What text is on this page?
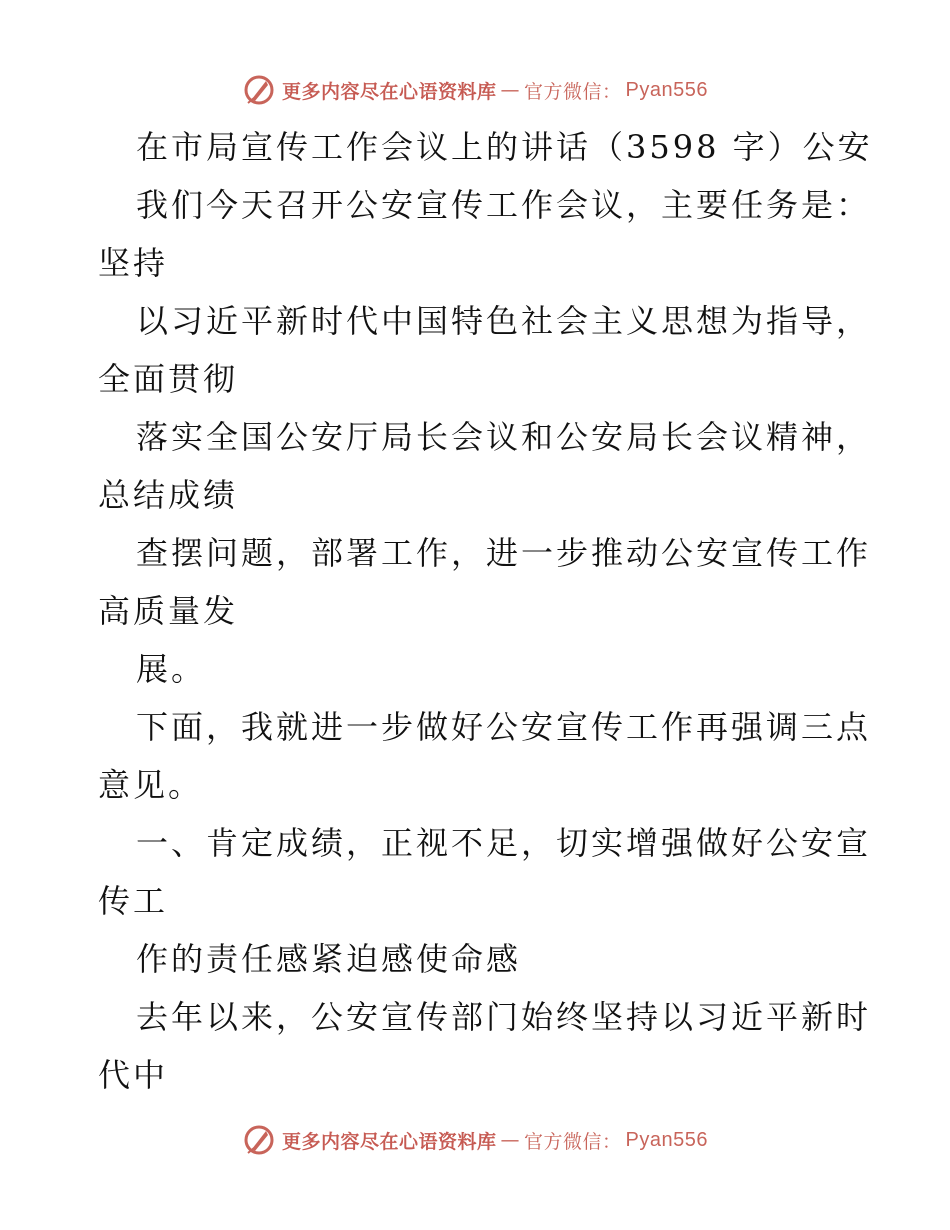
更多内容尽在心语资料库 — 官方微信： Pyan556
在市局宣传工作会议上的讲话（3598 字）公安
我们今天召开公安宣传工作会议，主要任务是：
坚持
以习近平新时代中国特色社会主义思想为指导，
全面贯彻
落实全国公安厅局长会议和公安局长会议精神，
总结成绩
查摆问题，部署工作，进一步推动公安宣传工作
高质量发
展。
下面，我就进一步做好公安宣传工作再强调三点
意见。
一、肯定成绩，正视不足，切实增强做好公安宣
传工
作的责任感紧迫感使命感
去年以来，公安宣传部门始终坚持以习近平新时
代中
更多内容尽在心语资料库 — 官方微信： Pyan556
